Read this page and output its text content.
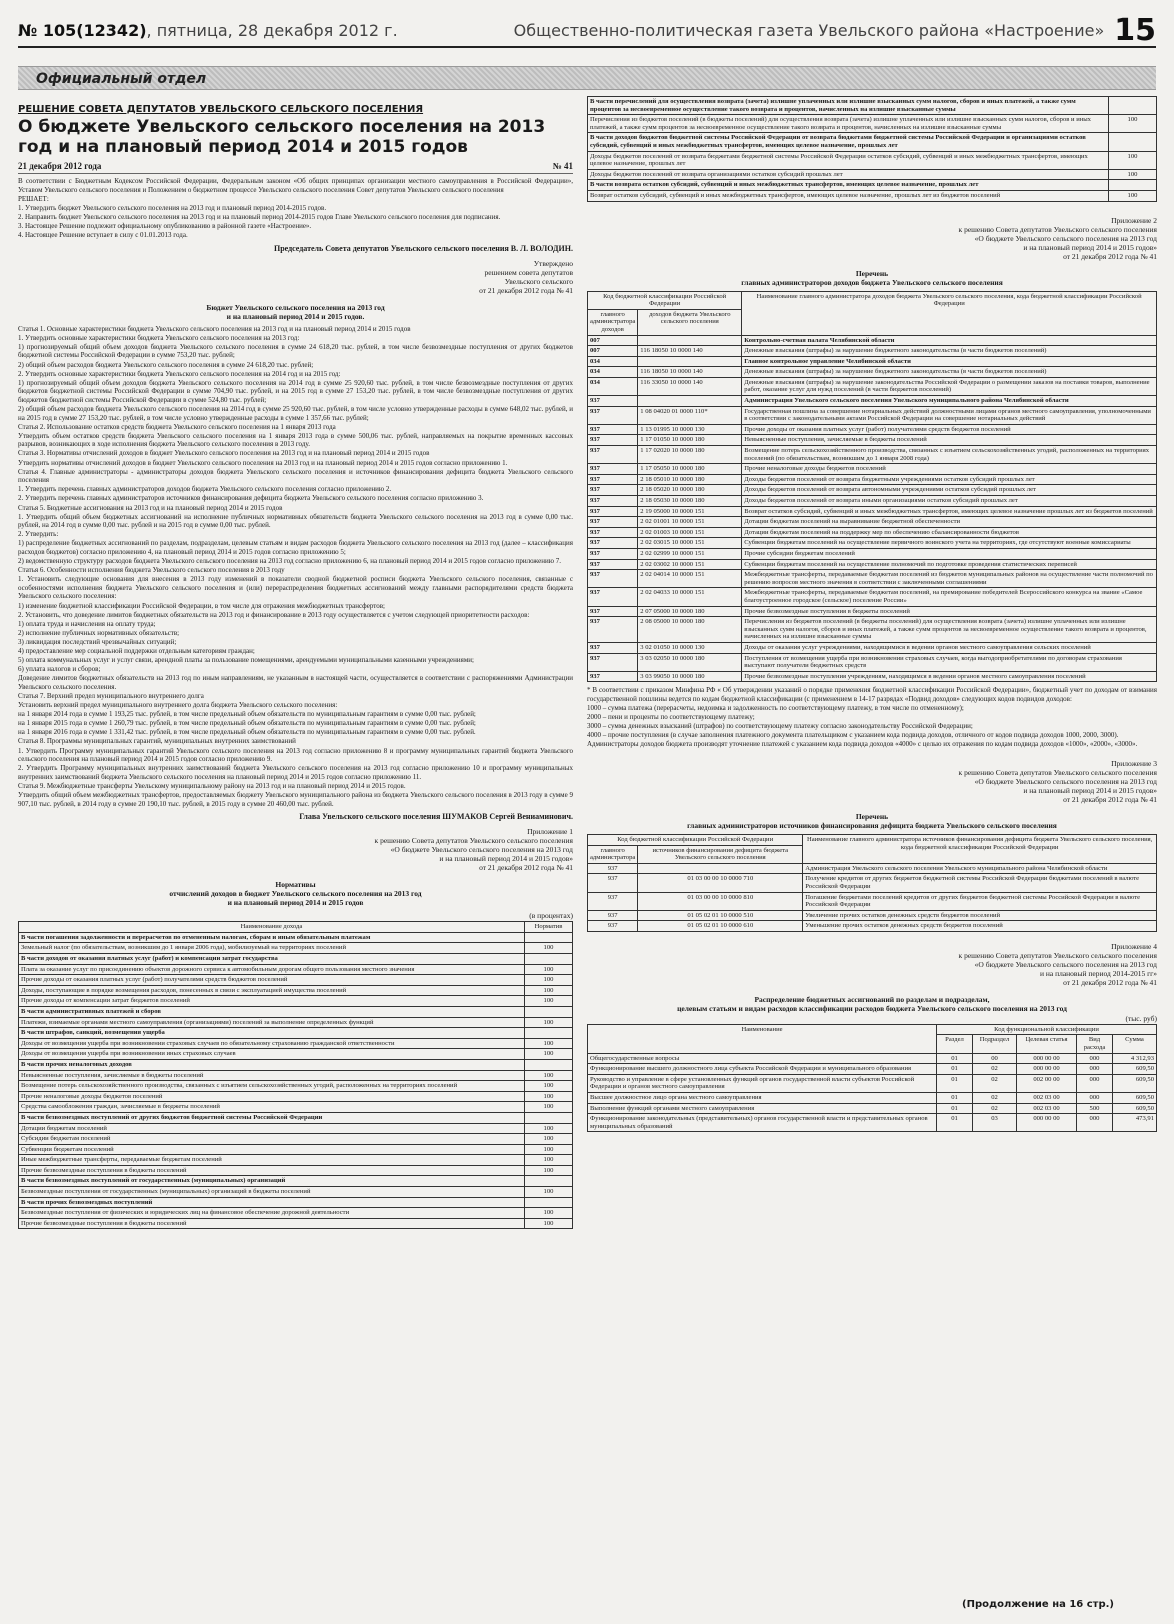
№ 105(12342), пятница, 28 декабря 2012 г.	Общественно-политическая газета Увельского района «Настроение» 15
Официальный отдел
РЕШЕНИЕ СОВЕТА ДЕПУТАТОВ УВЕЛЬСКОГО СЕЛЬСКОГО ПОСЕЛЕНИЯ
О бюджете Увельского сельского поселения на 2013 год и на плановый период 2014 и 2015 годов
21 декабря 2012 года	№ 41

В соответствии с Бюджетным Кодексом Российской Федерации, Федеральным законом «Об общих принципах организации местного самоуправления в Российской Федерации», Уставом Увельского сельского поселения и Положением о бюджетном процессе Увельского сельского поселения Совет депутатов Увельского сельского поселения

РЕШАЕТ:

1. Утвердить бюджет Увельского сельского поселения на 2013 год и плановый период 2014-2015 годов.

2. Направить бюджет Увельского сельского поселения на 2013 год и на плановый период 2014-2015 годов Главе Увельского сельского поселения для подписания.

3. Настоящее Решение подлежит официальному опубликованию в районной газете «Настроение».

4. Настоящее Решение вступает в силу с 01.01.2013 года.

Председатель Совета депутатов Увельского сельского поселения В. Л. ВОЛОДИН.
Утверждено
решением совета депутатов
Увельского сельского
от 21 декабря 2012 года № 41
Бюджет Увельского сельского поселения на 2013 год
и на плановый период 2014 и 2015 годов.

Статья 1. Основные характеристики бюджета Увельского сельского поселения на 2013 год и на плановый период 2014 и 2015 годов

1. Утвердить основные характеристики бюджета Увельского сельского поселения на 2013 год:

1) прогнозируемый общий объем доходов бюджета Увельского сельского поселения в сумме 24 618,20 тыс. рублей, в том числе безвозмездные поступления от других бюджетов бюджетной системы Российской Федерации в сумме 753,20 тыс. рублей;

2) общий объем расходов бюджета Увельского сельского поселения в сумме 24 618,20 тыс. рублей;

2. Утвердить основные характеристики бюджета Увельского сельского поселения на 2014 год и на 2015 год:

1) прогнозируемый общий объем доходов бюджета Увельского сельского поселения на 2014 год в сумме 25 920,60 тыс. рублей, в том числе безвозмездные поступления от других бюджетов бюджетной системы Российской Федерации в сумме 704,90 тыс. рублей, и на 2015 год в сумме 27 153,20 тыс. рублей, в том числе безвозмездные поступления от других бюджетов бюджетной системы Российской Федерации в сумме 524,80 тыс. рублей;

2) общий объем расходов бюджета Увельского сельского поселения на 2014 год в сумме 25 920,60 тыс. рублей, в том числе условно утвержденные расходы в сумме 648,02 тыс. рублей, и на 2015 год в сумме 27 153,20 тыс. рублей, в том числе условно утвержденные расходы в сумме 1 357,66 тыс. рублей;

Статья 2. Использование остатков средств бюджета Увельского сельского поселения на 1 января 2013 года

Утвердить объем остатков средств бюджета Увельского сельского поселения на 1 января 2013 года в сумме 500,06 тыс. рублей, направляемых на покрытие временных кассовых разрывов, возникающих в ходе исполнения бюджета Увельского сельского поселения в 2013 году.

Статья 3. Нормативы отчислений доходов в бюджет Увельского сельского поселения на 2013 год и на плановый период 2014 и 2015 годов

Утвердить нормативы отчислений доходов в бюджет Увельского сельского поселения на 2013 год и на плановый период 2014 и 2015 годов согласно приложению 1.

Статья 4. Главные администраторы - администраторы доходов бюджета Увельского сельского поселения и источников финансирования дефицита бюджета Увельского сельского поселения

1. Утвердить перечень главных администраторов доходов бюджета Увельского сельского поселения согласно приложению 2.

2. Утвердить перечень главных администраторов источников финансирования дефицита бюджета Увельского сельского поселения согласно приложению 3.

Статья 5. Бюджетные ассигнования на 2013 год и на плановый период 2014 и 2015 годов

1. Утвердить общий объем бюджетных ассигнований на исполнение публичных нормативных обязательств бюджета Увельского сельского поселения на 2013 год в сумме 0,00 тыс. рублей, на 2014 год в сумме 0,00 тыс. рублей и на 2015 год в сумме 0,00 тыс. рублей.

2. Утвердить:

1) распределение бюджетных ассигнований по разделам, подразделам, целевым статьям и видам расходов бюджета Увельского сельского поселения на 2013 год (далее – классификация расходов бюджетов) согласно приложению 4, на плановый период 2014 и 2015 годов согласно приложению 5;

2) ведомственную структуру расходов бюджета Увельского сельского поселения на 2013 год согласно приложению 6, на плановый период 2014 и 2015 годов согласно приложению 7.

Статья 6. Особенности исполнения бюджета Увельского сельского поселения в 2013 году

1. Установить следующие основания для внесения в 2013 году изменений в показатели сводной бюджетной росписи бюджета Увельского сельского поселения, связанные с особенностями исполнения бюджета Увельского сельского поселения и (или) перераспределения бюджетных ассигнований между главными распорядителями средств бюджета Увельского сельского поселения:

1) изменение бюджетной классификации Российской Федерации, в том числе для отражения межбюджетных трансфертов;

2. Установить, что доведение лимитов бюджетных обязательств на 2013 год и финансирование в 2013 году осуществляется с учетом следующей приоритетности расходов:

1) оплата труда и начисления на оплату труда;

2) исполнение публичных нормативных обязательств;

3) ликвидация последствий чрезвычайных ситуаций;

4) предоставление мер социальной поддержки отдельным категориям граждан;

5) оплата коммунальных услуг и услуг связи, арендной платы за пользование помещениями, арендуемыми муниципальными казенными учреждениями;

6) уплата налогов и сборов;

Доведение лимитов бюджетных обязательств на 2013 год по иным направлениям, не указанным в настоящей части, осуществляется в соответствии с распоряжениями Администрации Увельского сельского поселения.

Статья 7. Верхний предел муниципального внутреннего долга

Установить верхний предел муниципального внутреннего долга бюджета Увельского сельского поселения:

на 1 января 2014 года в сумме 1 193,25 тыс. рублей, в том числе предельный объем обязательств по муниципальным гарантиям в сумме 0,00 тыс. рублей;

на 1 января 2015 года в сумме 1 260,79 тыс. рублей, в том числе предельный объем обязательств по муниципальным гарантиям в сумме 0,00 тыс. рублей;

на 1 января 2016 года в сумме 1 331,42 тыс. рублей, в том числе предельный объем обязательств по муниципальным гарантиям в сумме 0,00 тыс. рублей.

Статья 8. Программы муниципальных гарантий, муниципальных внутренних заимствований

1. Утвердить Программу муниципальных гарантий Увельского сельского поселения на 2013 год согласно приложению 8 и программу муниципальных гарантий бюджета Увельского сельского поселения на плановый период 2014 и 2015 годов согласно приложению 9.

2. Утвердить Программу муниципальных внутренних заимствований бюджета Увельского сельского поселения на 2013 год согласно приложению 10 и программу муниципальных внутренних заимствований бюджета Увельского сельского поселения на плановый период 2014 и 2015 годов согласно приложению 11.

Статья 9. Межбюджетные трансферты Увельскому муниципальному району на 2013 год и на плановый период 2014 и 2015 годов.

Утвердить общий объем межбюджетных трансфертов, предоставляемых бюджету Увельского муниципального района из бюджета Увельского сельского поселения в 2013 году в сумме 9 907,10 тыс. рублей, в 2014 году в сумме 20 190,10 тыс. рублей, в 2015 году в сумме 20 460,00 тыс. рублей.

Глава Увельского сельского поселения ШУМАКОВ Сергей Вениаминович.
Приложение 1
к решению Совета депутатов Увельского сельского поселения
«О бюджете Увельского сельского поселения на 2013 год
и на плановый период 2014 и 2015 годов»
от 21 декабря 2012 года № 41
Нормативы
отчислений доходов в бюджет Увельского сельского поселения на 2013 год
и на плановый период 2014 и 2015 годов
(в процентах)
Наименование дохода	Норматив
В части погашения задолженности и перерасчетов по отмененным налогам, сборам и иным обязательным платежам	
Земельный налог (по обязательствам, возникшим до 1 января 2006 года), мобилизуемый на территориях поселений	100
В части доходов от оказания платных услуг (работ) и компенсации затрат государства	
Плата за оказание услуг по присоединению объектов дорожного сервиса к автомобильным дорогам общего пользования местного значения	100
Прочие доходы от оказания платных услуг (работ) получателями средств бюджетов поселений	100
Доходы, поступающие в порядке возмещения расходов, понесенных в связи с эксплуатацией имущества поселений	100
Прочие доходы от компенсации затрат бюджетов поселений	100
В части административных платежей и сборов	
Платежи, взимаемые органами местного самоуправления (организациями) поселений за выполнение определенных функций	100
В части штрафов, санкций, возмещения ущерба	
Доходы от возмещения ущерба при возникновении страховых случаев по обязательному страхованию гражданской ответственности	100
Доходы от возмещения ущерба при возникновении иных страховых случаев	100
В части прочих неналоговых доходов	
Невыясненные поступления, зачисляемые в бюджеты поселений	100
Возмещение потерь сельскохозяйственного производства, связанных с изъятием сельскохозяйственных угодий, расположенных на территориях поселений	100
Прочие неналоговые доходы бюджетов поселений	100
Средства самообложения граждан, зачисляемые в бюджеты поселений	100
В части безвозмездных поступлений от других бюджетов бюджетной системы Российской Федерации	
Дотации бюджетам поселений	100
Субсидии бюджетам поселений	100
Субвенции бюджетам поселений	100
Иные межбюджетные трансферты, передаваемые бюджетам поселений	100
Прочие безвозмездные поступления в бюджеты поселений	100
В части безвозмездных поступлений от государственных (муниципальных) организаций	
Безвозмездные поступления от государственных (муниципальных) организаций в бюджеты поселений	100
В части прочих безвозмездных поступлений	
Безвозмездные поступления от физических и юридических лиц на финансовое обеспечение дорожной деятельности	100
Прочие безвозмездные поступления в бюджеты поселений	100
В части перечислений для осуществления возврата (зачета) излишне уплаченных или излишне взысканных сумм налогов, сборов и иных платежей, а также сумм процентов за несвоевременное осуществление такого возврата и процентов, начисленных на излишне взысканные суммы	
Перечисления из бюджетов поселений (в бюджеты поселений) для осуществления возврата (зачета) излишне уплаченных или излишне взысканных сумм налогов, сборов и иных платежей, а также сумм процентов за несвоевременное осуществление такого возврата и процентов, начисленных на излишне взысканные суммы	100
В части доходов бюджетов бюджетной системы Российской Федерации от возврата бюджетами бюджетной системы Российской Федерации и организациями остатков субсидий, субвенций и иных межбюджетных трансфертов, имеющих целевое назначение, прошлых лет	
Доходы бюджетов поселений от возврата бюджетами бюджетной системы Российской Федерации остатков субсидий, субвенций и иных межбюджетных трансфертов, имеющих целевое назначение, прошлых лет	100
Доходы бюджетов поселений от возврата организациями остатков субсидий прошлых лет	100
В части возврата остатков субсидий, субвенций и иных межбюджетных трансфертов, имеющих целевое назначение, прошлых лет	
Возврат остатков субсидий, субвенций и иных межбюджетных трансфертов, имеющих целевое назначение, прошлых лет из бюджетов поселений	100
Приложение 2
к решению Совета депутатов Увельского сельского поселения
«О бюджете Увельского сельского поселения на 2013 год
и на плановый период 2014 и 2015 годов»
от 21 декабря 2012 года № 41
Перечень
главных администраторов доходов бюджета Увельского сельского поселения
Код бюджетной классификации Российской Федерации		Наименование главного администратора доходов бюджета Увельского сельского поселения, кода бюджетной классификации Российской Федерации
главного администратора доходов	доходов бюджета Увельского сельского поселения	
007		Контрольно-счетная палата Челябинской области
007	116 18050 10 0000 140	Денежные взыскания (штрафы) за нарушение бюджетного законодательства (в части бюджетов поселений)
034		Главное контрольное управление Челябинской области
034	116 18050 10 0000 140	Денежные взыскания (штрафы) за нарушение бюджетного законодательства (в части бюджетов поселений)
034	116 33050 10 0000 140	Денежные взыскания (штрафы) за нарушение законодательства Российской Федерации о размещении заказов на поставки товаров, выполнение работ, оказание услуг для нужд поселений (в части бюджетов поселений)
937		Администрация Увельского сельского поселения Увельского муниципального района Челябинской области
937	1 08 04020 01 0000 110*	Государственная пошлина за совершение нотариальных действий должностными лицами органов местного самоуправления, уполномоченными в соответствии с законодательными актами Российской Федерации на совершение нотариальных действий
937	1 13 01995 10 0000 130	Прочие доходы от оказания платных услуг (работ) получателями средств бюджетов поселений
937	1 17 01050 10 0000 180	Невыясненные поступления, зачисляемые в бюджеты поселений
937	1 17 02020 10 0000 180	Возмещение потерь сельскохозяйственного производства, связанных с изъятием сельскохозяйственных угодий, расположенных на территориях поселений (по обязательствам, возникшим до 1 января 2008 года)
937	1 17 05050 10 0000 180	Прочие неналоговые доходы бюджетов поселений
937	2 18 05010 10 0000 180	Доходы бюджетов поселений от возврата бюджетными учреждениями остатков субсидий прошлых лет
937	2 18 05020 10 0000 180	Доходы бюджетов поселений от возврата автономными учреждениями остатков субсидий прошлых лет
937	2 18 05030 10 0000 180	Доходы бюджетов поселений от возврата иными организациями остатков субсидий прошлых лет
937	2 19 05000 10 0000 151	Возврат остатков субсидий, субвенций и иных межбюджетных трансфертов, имеющих целевое назначение прошлых лет из бюджетов поселений
937	2 02 01001 10 0000 151	Дотации бюджетам поселений на выравнивание бюджетной обеспеченности
937	2 02 01003 10 0000 151	Дотации бюджетам поселений на поддержку мер по обеспечению сбалансированности бюджетов
937	2 02 03015 10 0000 151	Субвенции бюджетам поселений на осуществление первичного воинского учета на территориях, где отсутствуют военные комиссариаты
937	2 02 02999 10 0000 151	Прочие субсидии бюджетам поселений
937	2 02 03002 10 0000 151	Субвенции бюджетам поселений на осуществление полномочий по подготовке проведения статистических переписей
937	2 02 04014 10 0000 151	Межбюджетные трансферты, передаваемые бюджетам поселений из бюджетов муниципальных районов на осуществление части полномочий по решению вопросов местного значения в соответствии с заключенными соглашениями
937	2 02 04033 10 0000 151	Межбюджетные трансферты, передаваемые бюджетам поселений, на премирование победителей Всероссийского конкурса на звание «Самое благоустроенное городское (сельское) поселение России»
937	2 07 05000 10 0000 180	Прочие безвозмездные поступления в бюджеты поселений
937	2 08 05000 10 0000 180	Перечисления из бюджетов поселений (в бюджеты поселений) для осуществления возврата (зачета) излишне уплаченных или излишне взысканных сумм налогов, сборов и иных платежей, а также сумм процентов за несвоевременное осуществление такого возврата и процентов, начисленных на излишне взысканные суммы
937	3 02 01050 10 0000 130	Доходы от оказания услуг учреждениями, находящимися в ведении органов местного самоуправления сельских поселений
937	3 03 02050 10 0000 180	Поступления от возмещения ущерба при возникновении страховых случаев, когда выгодоприобретателями по договорам страхования выступают получатели бюджетных средств
937	3 03 99050 10 0000 180	Прочие безвозмездные поступления учреждениям, находящимся в ведении органов местного самоуправления поселений

* В соответствии с приказом Минфина РФ « Об утверждении указаний о порядке применения бюджетной классификации Российской Федерации», бюджетный учет по доходам от взимания государственной пошлины ведется по кодам бюджетной классификации (с применением в 14-17 разрядах «Подвид доходов» следующих кодов подвидов доходов:

1000 – сумма платежа (перерасчеты, недоимка и задолженность по соответствующему платежу, в том числе по отмененному);

2000 – пени и проценты по соответствующему платежу;

3000 – сумма денежных взысканий (штрафов) по соответствующему платежу согласно законодательству Российской Федерации;

4000 – прочие поступления (в случае заполнения платежного документа плательщиком с указанием кода подвида доходов, отличного от кодов подвида доходов 1000, 2000, 3000).

Администраторы доходов бюджета производят уточнение платежей с указанием кода подвида доходов «4000» с целью их отражения по кодам подвида доходов «1000», «2000», «3000».

Приложение 3
к решению Совета депутатов Увельского сельского поселения
«О бюджете Увельского сельского поселения на 2013 год
и на плановый период 2014 и 2015 годов»
от 21 декабря 2012 года № 41
Перечень
главных администраторов источников финансирования дефицита бюджета Увельского сельского поселения
Код бюджетной классификации Российской Федерации		Наименование главного администратора источников финансирования дефицита бюджета Увельского сельского поселения, кода бюджетной классификации Российской Федерации
главного администратора	источников финансирования дефицита бюджета Увельского сельского поселения	
937		Администрация Увельского сельского поселения Увельского муниципального района Челябинской области
937	01 03 00 00 10 0000 710	Получение кредитов от других бюджетов бюджетной системы Российской Федерации бюджетами поселений в валюте Российской Федерации
937	01 03 00 00 10 0000 810	Погашение бюджетами поселений кредитов от других бюджетов бюджетной системы Российской Федерации в валюте Российской Федерации
937	01 05 02 01 10 0000 510	Увеличение прочих остатков денежных средств бюджетов поселений
937	01 05 02 01 10 0000 610	Уменьшение прочих остатков денежных средств бюджетов поселений
Приложение 4
к решению Совета депутатов Увельского сельского поселения
«О бюджете Увельского сельского поселения на 2013 год
и на плановый период 2014-2015 гг»
от 21 декабря 2012 года № 41
Распределение бюджетных ассигнований по разделам и подразделам,
целевым статьям и видам расходов классификации расходов бюджета Увельского сельского поселения на 2013 год
(тыс. руб)
Наименование	Код функциональной классификации				
	Раздел	Подраздел	Целевая статья	Вид расхода	Сумма
Общегосударственные вопросы	01	00	000 00 00	000	4 312,93
Функционирование высшего должностного лица субъекта Российской Федерации и муниципального образования	01	02	000 00 00	000	609,50
Руководство и управление в сфере установленных функций органов государственной власти субъектов Российской Федерации и органов местного самоуправления	01	02	002 00 00	000	609,50
Высшее должностное лицо органа местного самоуправления	01	02	002 03 00	000	609,50
Выполнение функций органами местного самоуправления	01	02	002 03 00	500	609,50
Функционирование законодательных (представительных) органов государственной власти и представительных органов муниципальных образований	01	03	000 00 00	000	473,91
(Продолжение на 16 стр.)
